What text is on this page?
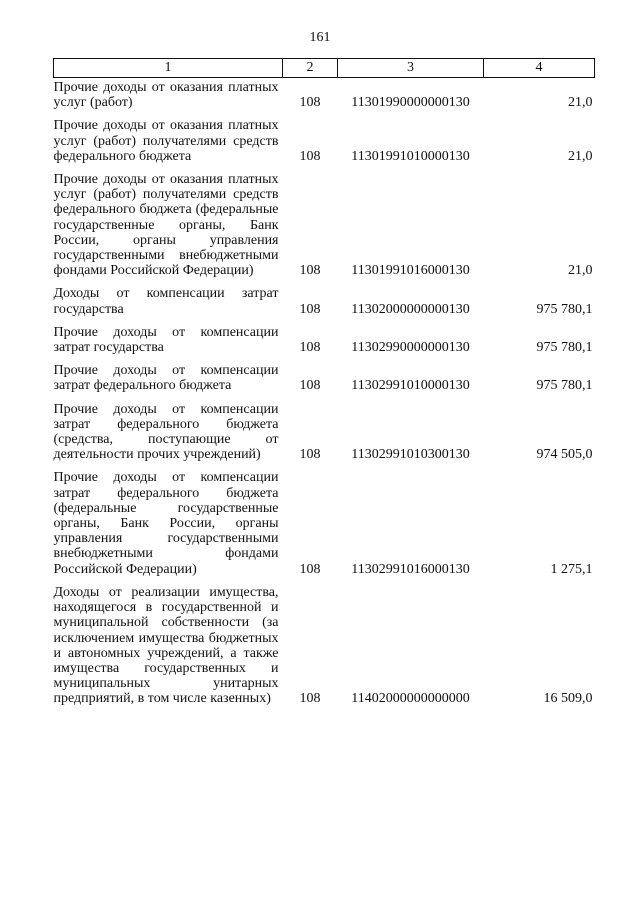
161
1	2	3	4
Прочие доходы от оказания платных услуг (работ)	108	11301990000000130	21,0
Прочие доходы от оказания платных услуг (работ) получателями средств федерального бюджета	108	11301991010000130	21,0
Прочие доходы от оказания платных услуг (работ) получателями средств федерального бюджета (федеральные государственные органы, Банк России, органы управления государственными внебюджетными фондами Российской Федерации)	108	11301991016000130	21,0
Доходы от компенсации затрат государства	108	11302000000000130	975 780,1
Прочие доходы от компенсации затрат государства	108	11302990000000130	975 780,1
Прочие доходы от компенсации затрат федерального бюджета	108	11302991010000130	975 780,1
Прочие доходы от компенсации затрат федерального бюджета (средства, поступающие от деятельности прочих учреждений)	108	11302991010300130	974 505,0
Прочие доходы от компенсации затрат федерального бюджета (федеральные государственные органы, Банк России, органы управления государственными внебюджетными фондами Российской Федерации)	108	11302991016000130	1 275,1
Доходы от реализации имущества, находящегося в государственной и муниципальной собственности (за исключением имущества бюджетных и автономных учреждений, а также имущества государственных и муниципальных унитарных предприятий, в том числе казенных)	108	11402000000000000	16 509,0
